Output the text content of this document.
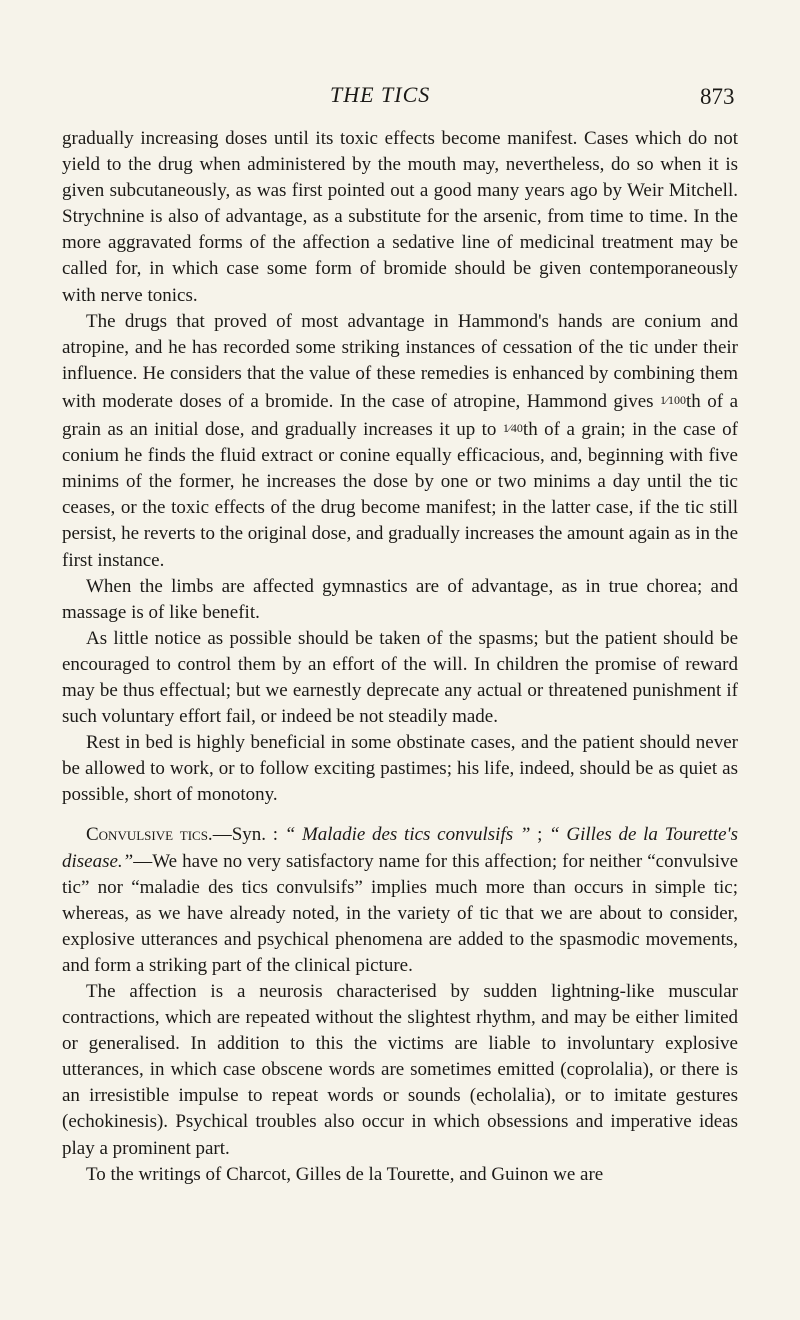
THE TICS	873

gradually increasing doses until its toxic effects become manifest. Cases which do not yield to the drug when administered by the mouth may, nevertheless, do so when it is given subcutaneously, as was first pointed out a good many years ago by Weir Mitchell. Strychnine is also of advantage, as a substitute for the arsenic, from time to time. In the more aggravated forms of the affection a sedative line of medicinal treatment may be called for, in which case some form of bromide should be given contemporaneously with nerve tonics.

The drugs that proved of most advantage in Hammond's hands are conium and atropine, and he has recorded some striking instances of cessation of the tic under their influence. He considers that the value of these remedies is enhanced by combining them with moderate doses of a bromide. In the case of atropine, Hammond gives 1⁄100th of a grain as an initial dose, and gradually increases it up to 1⁄40th of a grain; in the case of conium he finds the fluid extract or conine equally efficacious, and, beginning with five minims of the former, he increases the dose by one or two minims a day until the tic ceases, or the toxic effects of the drug become manifest; in the latter case, if the tic still persist, he reverts to the original dose, and gradually increases the amount again as in the first instance.

When the limbs are affected gymnastics are of advantage, as in true chorea; and massage is of like benefit.

As little notice as possible should be taken of the spasms; but the patient should be encouraged to control them by an effort of the will. In children the promise of reward may be thus effectual; but we earnestly deprecate any actual or threatened punishment if such voluntary effort fail, or indeed be not steadily made.

Rest in bed is highly beneficial in some obstinate cases, and the patient should never be allowed to work, or to follow exciting pastimes; his life, indeed, should be as quiet as possible, short of monotony.

Convulsive tics.—Syn. : “ Maladie des tics convulsifs ” ; “ Gilles de la Tourette's disease.”—We have no very satisfactory name for this affection; for neither “convulsive tic” nor “maladie des tics convulsifs” implies much more than occurs in simple tic; whereas, as we have already noted, in the variety of tic that we are about to consider, explosive utterances and psychical phenomena are added to the spasmodic movements, and form a striking part of the clinical picture.

The affection is a neurosis characterised by sudden lightning-like muscular contractions, which are repeated without the slightest rhythm, and may be either limited or generalised. In addition to this the victims are liable to involuntary explosive utterances, in which case obscene words are sometimes emitted (coprolalia), or there is an irresistible impulse to repeat words or sounds (echolalia), or to imitate gestures (echokinesis). Psychical troubles also occur in which obsessions and imperative ideas play a prominent part.

To the writings of Charcot, Gilles de la Tourette, and Guinon we are
